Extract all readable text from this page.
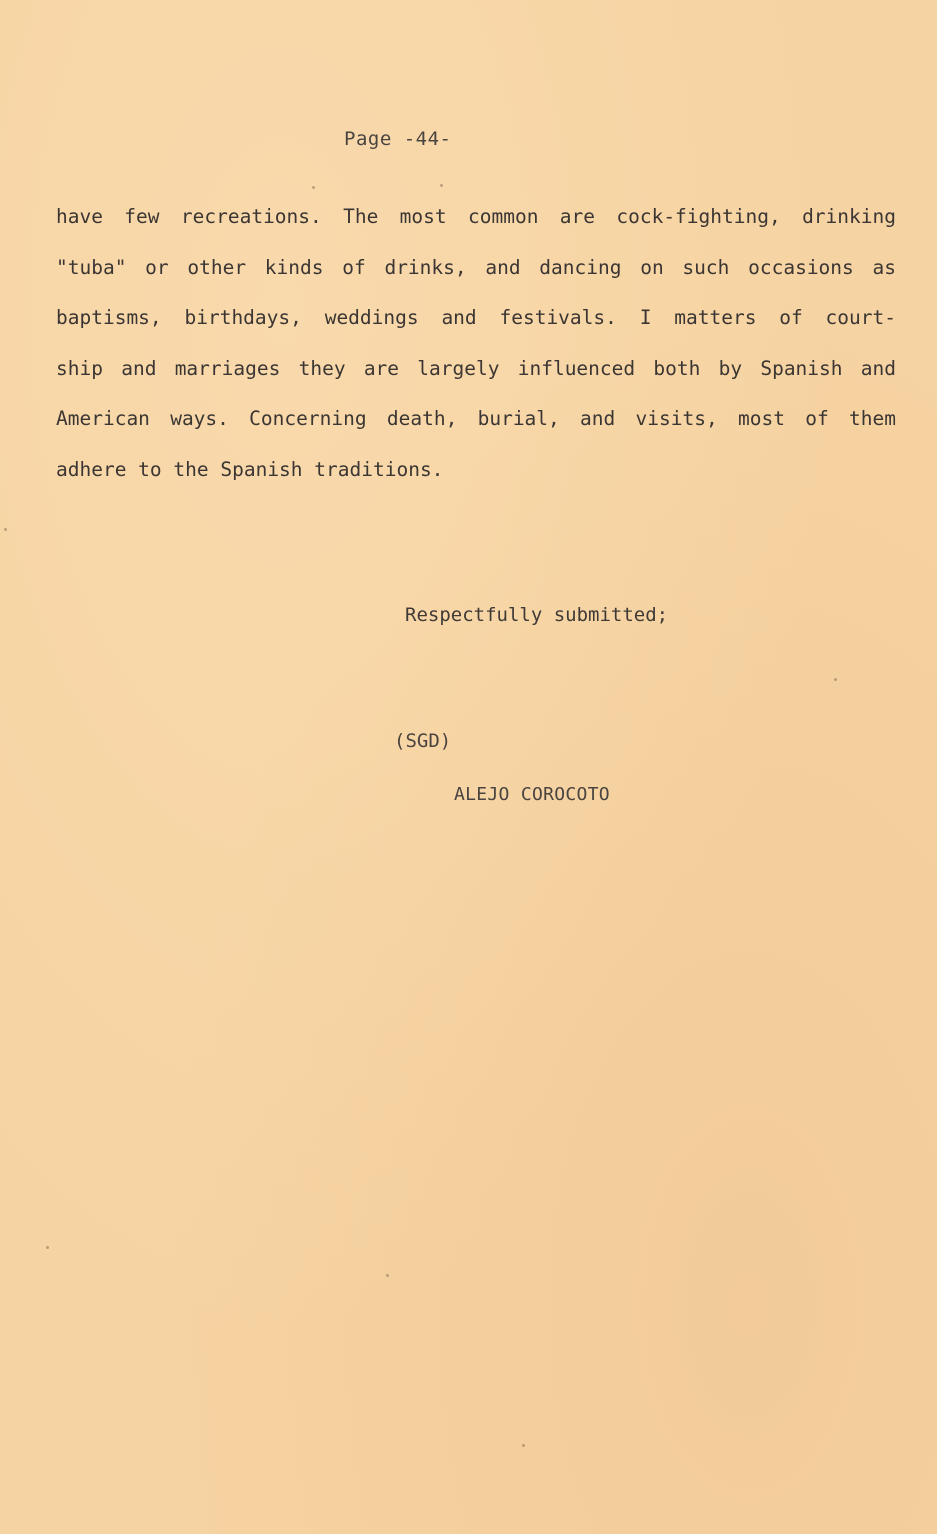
Page -44-
have few recreations. The most common are cock-fighting, drinking
"tuba" or other kinds of drinks, and dancing on such occasions as
baptisms, birthdays, weddings and festivals. I matters of court-
ship and marriages they are largely influenced both by Spanish and
American ways. Concerning death, burial, and visits, most of them
adhere to the Spanish traditions.
Respectfully submitted;
(SGD)
ALEJO COROCOTO
